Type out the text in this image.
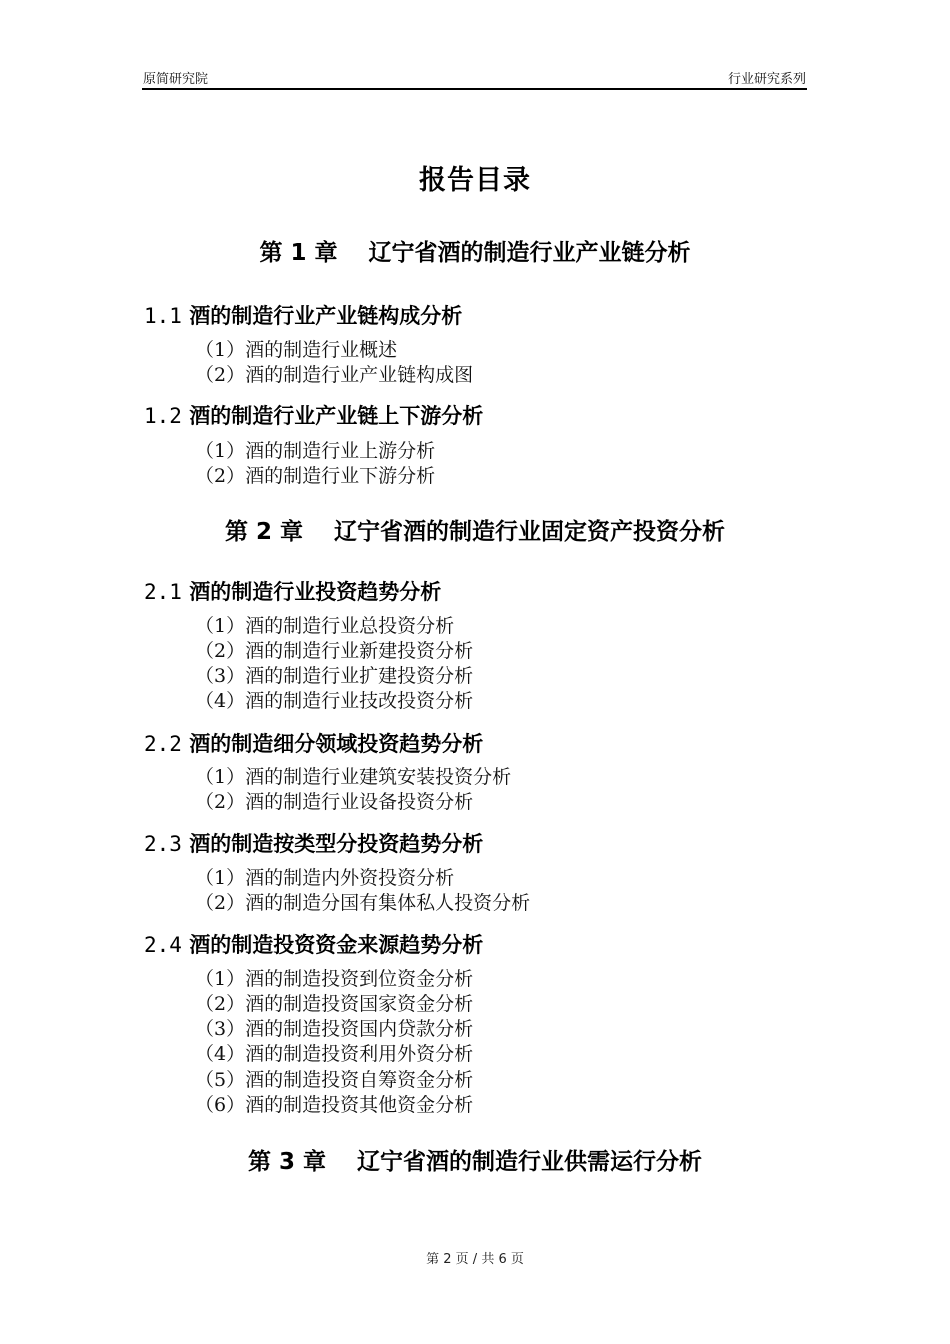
原简研究院	行业研究系列
报告目录
第 1 章　 辽宁省酒的制造行业产业链分析
1.1 酒的制造行业产业链构成分析
（1）酒的制造行业概述
（2）酒的制造行业产业链构成图
1.2 酒的制造行业产业链上下游分析
（1）酒的制造行业上游分析
（2）酒的制造行业下游分析
第 2 章　 辽宁省酒的制造行业固定资产投资分析
2.1 酒的制造行业投资趋势分析
（1）酒的制造行业总投资分析
（2）酒的制造行业新建投资分析
（3）酒的制造行业扩建投资分析
（4）酒的制造行业技改投资分析
2.2 酒的制造细分领域投资趋势分析
（1）酒的制造行业建筑安装投资分析
（2）酒的制造行业设备投资分析
2.3 酒的制造按类型分投资趋势分析
（1）酒的制造内外资投资分析
（2）酒的制造分国有集体私人投资分析
2.4 酒的制造投资资金来源趋势分析
（1）酒的制造投资到位资金分析
（2）酒的制造投资国家资金分析
（3）酒的制造投资国内贷款分析
（4）酒的制造投资利用外资分析
（5）酒的制造投资自筹资金分析
（6）酒的制造投资其他资金分析
第 3 章　 辽宁省酒的制造行业供需运行分析
第 2 页 / 共 6 页
